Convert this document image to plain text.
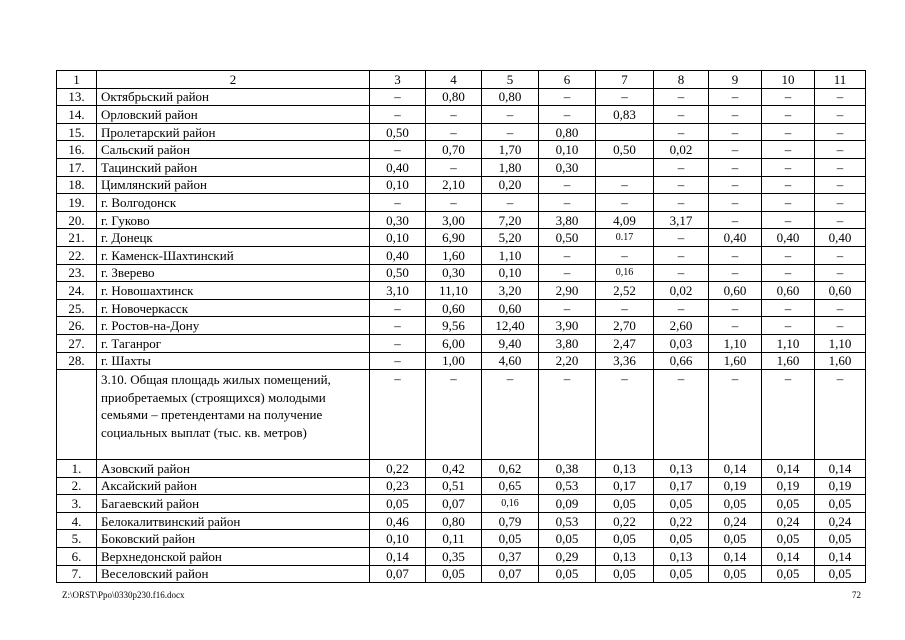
1	2	3	4	5	6	7	8	9	10	11
13.	Октябрьский район	–	0,80	0,80	–	–	–	–	–	–
14.	Орловский район	–	–	–	–	0,83	–	–	–	–
15.	Пролетарский район	0,50	–	–	0,80		–	–	–	–
16.	Сальский район	–	0,70	1,70	0,10	0,50	0,02	–	–	–
17.	Тацинский район	0,40	–	1,80	0,30		–	–	–	–
18.	Цимлянский район	0,10	2,10	0,20	–	–	–	–	–	–
19.	г. Волгодонск	–	–	–	–	–	–	–	–	–
20.	г. Гуково	0,30	3,00	7,20	3,80	4,09	3,17	–	–	–
21.	г. Донецк	0,10	6,90	5,20	0,50	0.17	–	0,40	0,40	0,40
22.	г. Каменск-Шахтинский	0,40	1,60	1,10	–	–	–	–	–	–
23.	г. Зверево	0,50	0,30	0,10	–	0,16	–	–	–	–
24.	г. Новошахтинск	3,10	11,10	3,20	2,90	2,52	0,02	0,60	0,60	0,60
25.	г. Новочеркасск	–	0,60	0,60	–	–	–	–	–	–
26.	г. Ростов-на-Дону	–	9,56	12,40	3,90	2,70	2,60	–	–	–
27.	г. Таганрог	–	6,00	9,40	3,80	2,47	0,03	1,10	1,10	1,10
28.	г. Шахты	–	1,00	4,60	2,20	3,36	0,66	1,60	1,60	1,60
	3.10. Общая площадь жилых помещений, приобретаемых (строящихся) молодыми семьями – претендентами на получение социальных выплат (тыс. кв. метров)	–	–	–	–	–	–	–	–	–
1.	Азовский район	0,22	0,42	0,62	0,38	0,13	0,13	0,14	0,14	0,14
2.	Аксайский район	0,23	0,51	0,65	0,53	0,17	0,17	0,19	0,19	0,19
3.	Багаевский район	0,05	0,07	0,16	0,09	0,05	0,05	0,05	0,05	0,05
4.	Белокалитвинский район	0,46	0,80	0,79	0,53	0,22	0,22	0,24	0,24	0,24
5.	Боковский район	0,10	0,11	0,05	0,05	0,05	0,05	0,05	0,05	0,05
6.	Верхнедонской район	0,14	0,35	0,37	0,29	0,13	0,13	0,14	0,14	0,14
7.	Веселовский район	0,07	0,05	0,07	0,05	0,05	0,05	0,05	0,05	0,05
Z:\ORST\Ppo\0330p230.f16.docx	72
